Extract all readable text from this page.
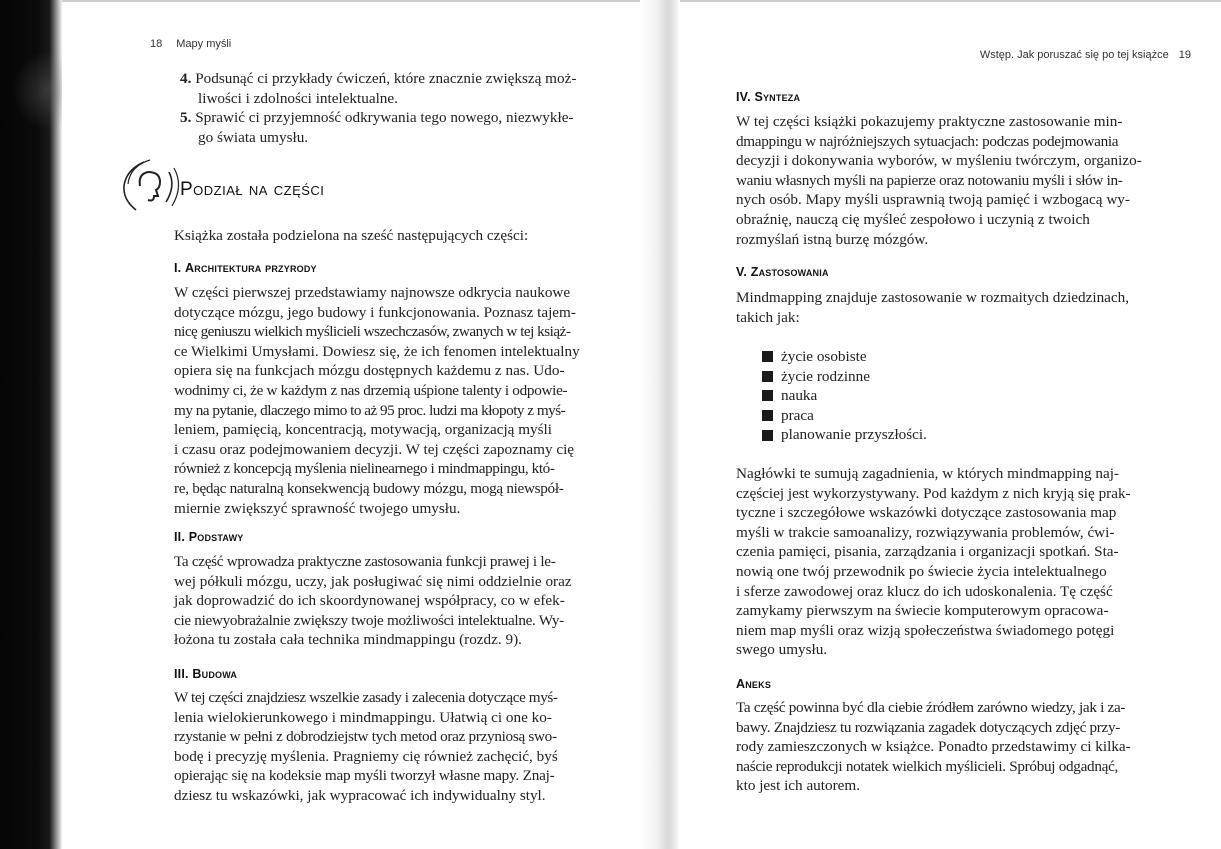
18 Mapy myśli
4. Podsunąć ci przykłady ćwiczeń, które znacznie zwiększą moż-
liwości i zdolności intelektualne.
5. Sprawić ci przyjemność odkrywania tego nowego, niezwykłe-
go świata umysłu.
Podział na części
Książka została podzielona na sześć następujących części:
I. Architektura przyrody
W części pierwszej przedstawiamy najnowsze odkrycia naukowe
dotyczące mózgu, jego budowy i funkcjonowania. Poznasz tajem-
nicę geniuszu wielkich myślicieli wszechczasów, zwanych w tej książ-
ce Wielkimi Umysłami. Dowiesz się, że ich fenomen intelektualny
opiera się na funkcjach mózgu dostępnych każdemu z nas. Udo-
wodnimy ci, że w każdym z nas drzemią uśpione talenty i odpowie-
my na pytanie, dlaczego mimo to aż 95 proc. ludzi ma kłopoty z myś-
leniem, pamięcią, koncentracją, motywacją, organizacją myśli
i czasu oraz podejmowaniem decyzji. W tej części zapoznamy cię
również z koncepcją myślenia nielinearnego i mindmappingu, któ-
re, będąc naturalną konsekwencją budowy mózgu, mogą niewspół-
miernie zwiększyć sprawność twojego umysłu.
II. Podstawy
Ta część wprowadza praktyczne zastosowania funkcji prawej i le-
wej półkuli mózgu, uczy, jak posługiwać się nimi oddzielnie oraz
jak doprowadzić do ich skoordynowanej współpracy, co w efek-
cie niewyobrażalnie zwiększy twoje możliwości intelektualne. Wy-
łożona tu została cała technika mindmappingu (rozdz. 9).
III. Budowa
W tej części znajdziesz wszelkie zasady i zalecenia dotyczące myś-
lenia wielokierunkowego i mindmappingu. Ułatwią ci one ko-
rzystanie w pełni z dobrodziejstw tych metod oraz przyniosą swo-
bodę i precyzję myślenia. Pragniemy cię również zachęcić, byś
opierając się na kodeksie map myśli tworzył własne mapy. Znaj-
dziesz tu wskazówki, jak wypracować ich indywidualny styl.
Wstęp. Jak poruszać się po tej książce 19
IV. Synteza
W tej części książki pokazujemy praktyczne zastosowanie min-
dmappingu w najróżniejszych sytuacjach: podczas podejmowania
decyzji i dokonywania wyborów, w myśleniu twórczym, organizo-
waniu własnych myśli na papierze oraz notowaniu myśli i słów in-
nych osób. Mapy myśli usprawnią twoją pamięć i wzbogacą wy-
obraźnię, nauczą cię myśleć zespołowo i uczynią z twoich
rozmyślań istną burzę mózgów.
V. Zastosowania
Mindmapping znajduje zastosowanie w rozmaitych dziedzinach,
takich jak:
życie osobiste
życie rodzinne
nauka
praca
planowanie przyszłości.
Nagłówki te sumują zagadnienia, w których mindmapping naj-
częściej jest wykorzystywany. Pod każdym z nich kryją się prak-
tyczne i szczegółowe wskazówki dotyczące zastosowania map
myśli w trakcie samoanalizy, rozwiązywania problemów, ćwi-
czenia pamięci, pisania, zarządzania i organizacji spotkań. Sta-
nowią one twój przewodnik po świecie życia intelektualnego
i sferze zawodowej oraz klucz do ich udoskonalenia. Tę część
zamykamy pierwszym na świecie komputerowym opracowa-
niem map myśli oraz wizją społeczeństwa świadomego potęgi
swego umysłu.
Aneks
Ta część powinna być dla ciebie źródłem zarówno wiedzy, jak i za-
bawy. Znajdziesz tu rozwiązania zagadek dotyczących zdjęć przy-
rody zamieszczonych w książce. Ponadto przedstawimy ci kilka-
naście reprodukcji notatek wielkich myślicieli. Spróbuj odgadnąć,
kto jest ich autorem.
